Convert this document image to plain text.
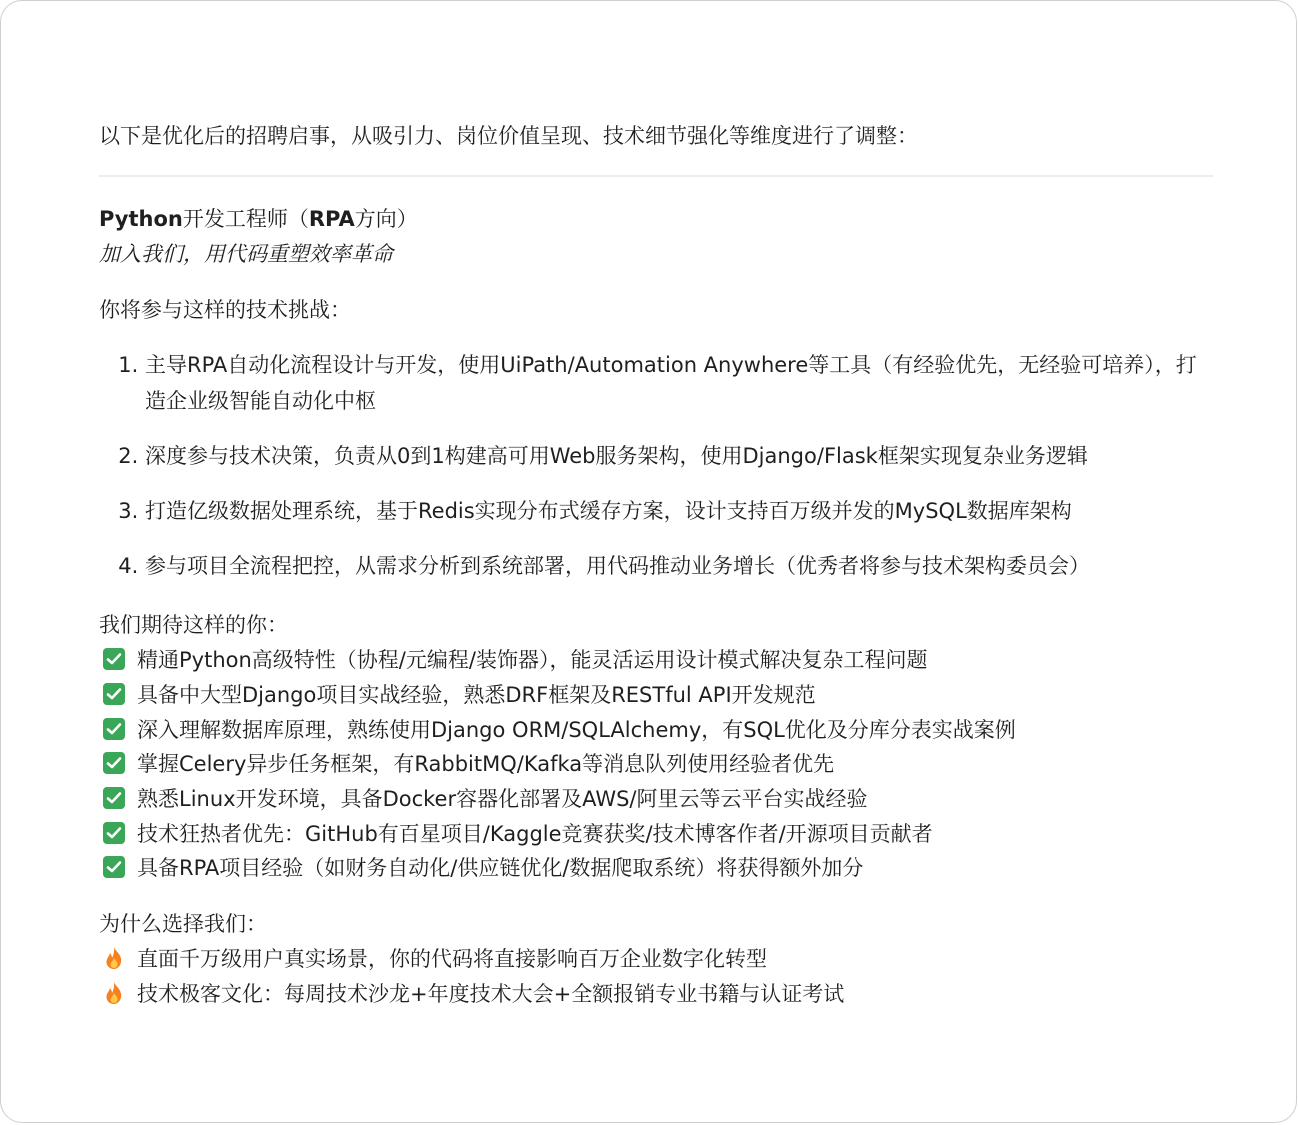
以下是优化后的招聘启事，从吸引力、岗位价值呈现、技术细节强化等维度进行了调整：

Python开发工程师（RPA方向）

加入我们，用代码重塑效率革命

你将参与这样的技术挑战：

1. 主导RPA自动化流程设计与开发，使用UiPath/Automation Anywhere等工具（有经验优先，无经验可培养），打造企业级智能自动化中枢
2. 深度参与技术决策，负责从0到1构建高可用Web服务架构，使用Django/Flask框架实现复杂业务逻辑
3. 打造亿级数据处理系统，基于Redis实现分布式缓存方案，设计支持百万级并发的MySQL数据库架构
4. 参与项目全流程把控，从需求分析到系统部署，用代码推动业务增长（优秀者将参与技术架构委员会）

我们期待这样的你：

精通Python高级特性（协程/元编程/装饰器），能灵活运用设计模式解决复杂工程问题
具备中大型Django项目实战经验，熟悉DRF框架及RESTful API开发规范
深入理解数据库原理，熟练使用Django ORM/SQLAlchemy，有SQL优化及分库分表实战案例
掌握Celery异步任务框架，有RabbitMQ/Kafka等消息队列使用经验者优先
熟悉Linux开发环境，具备Docker容器化部署及AWS/阿里云等云平台实战经验
技术狂热者优先：GitHub有百星项目/Kaggle竞赛获奖/技术博客作者/开源项目贡献者
具备RPA项目经验（如财务自动化/供应链优化/数据爬取系统）将获得额外加分

为什么选择我们：

直面千万级用户真实场景，你的代码将直接影响百万企业数字化转型
技术极客文化：每周技术沙龙+年度技术大会+全额报销专业书籍与认证考试
